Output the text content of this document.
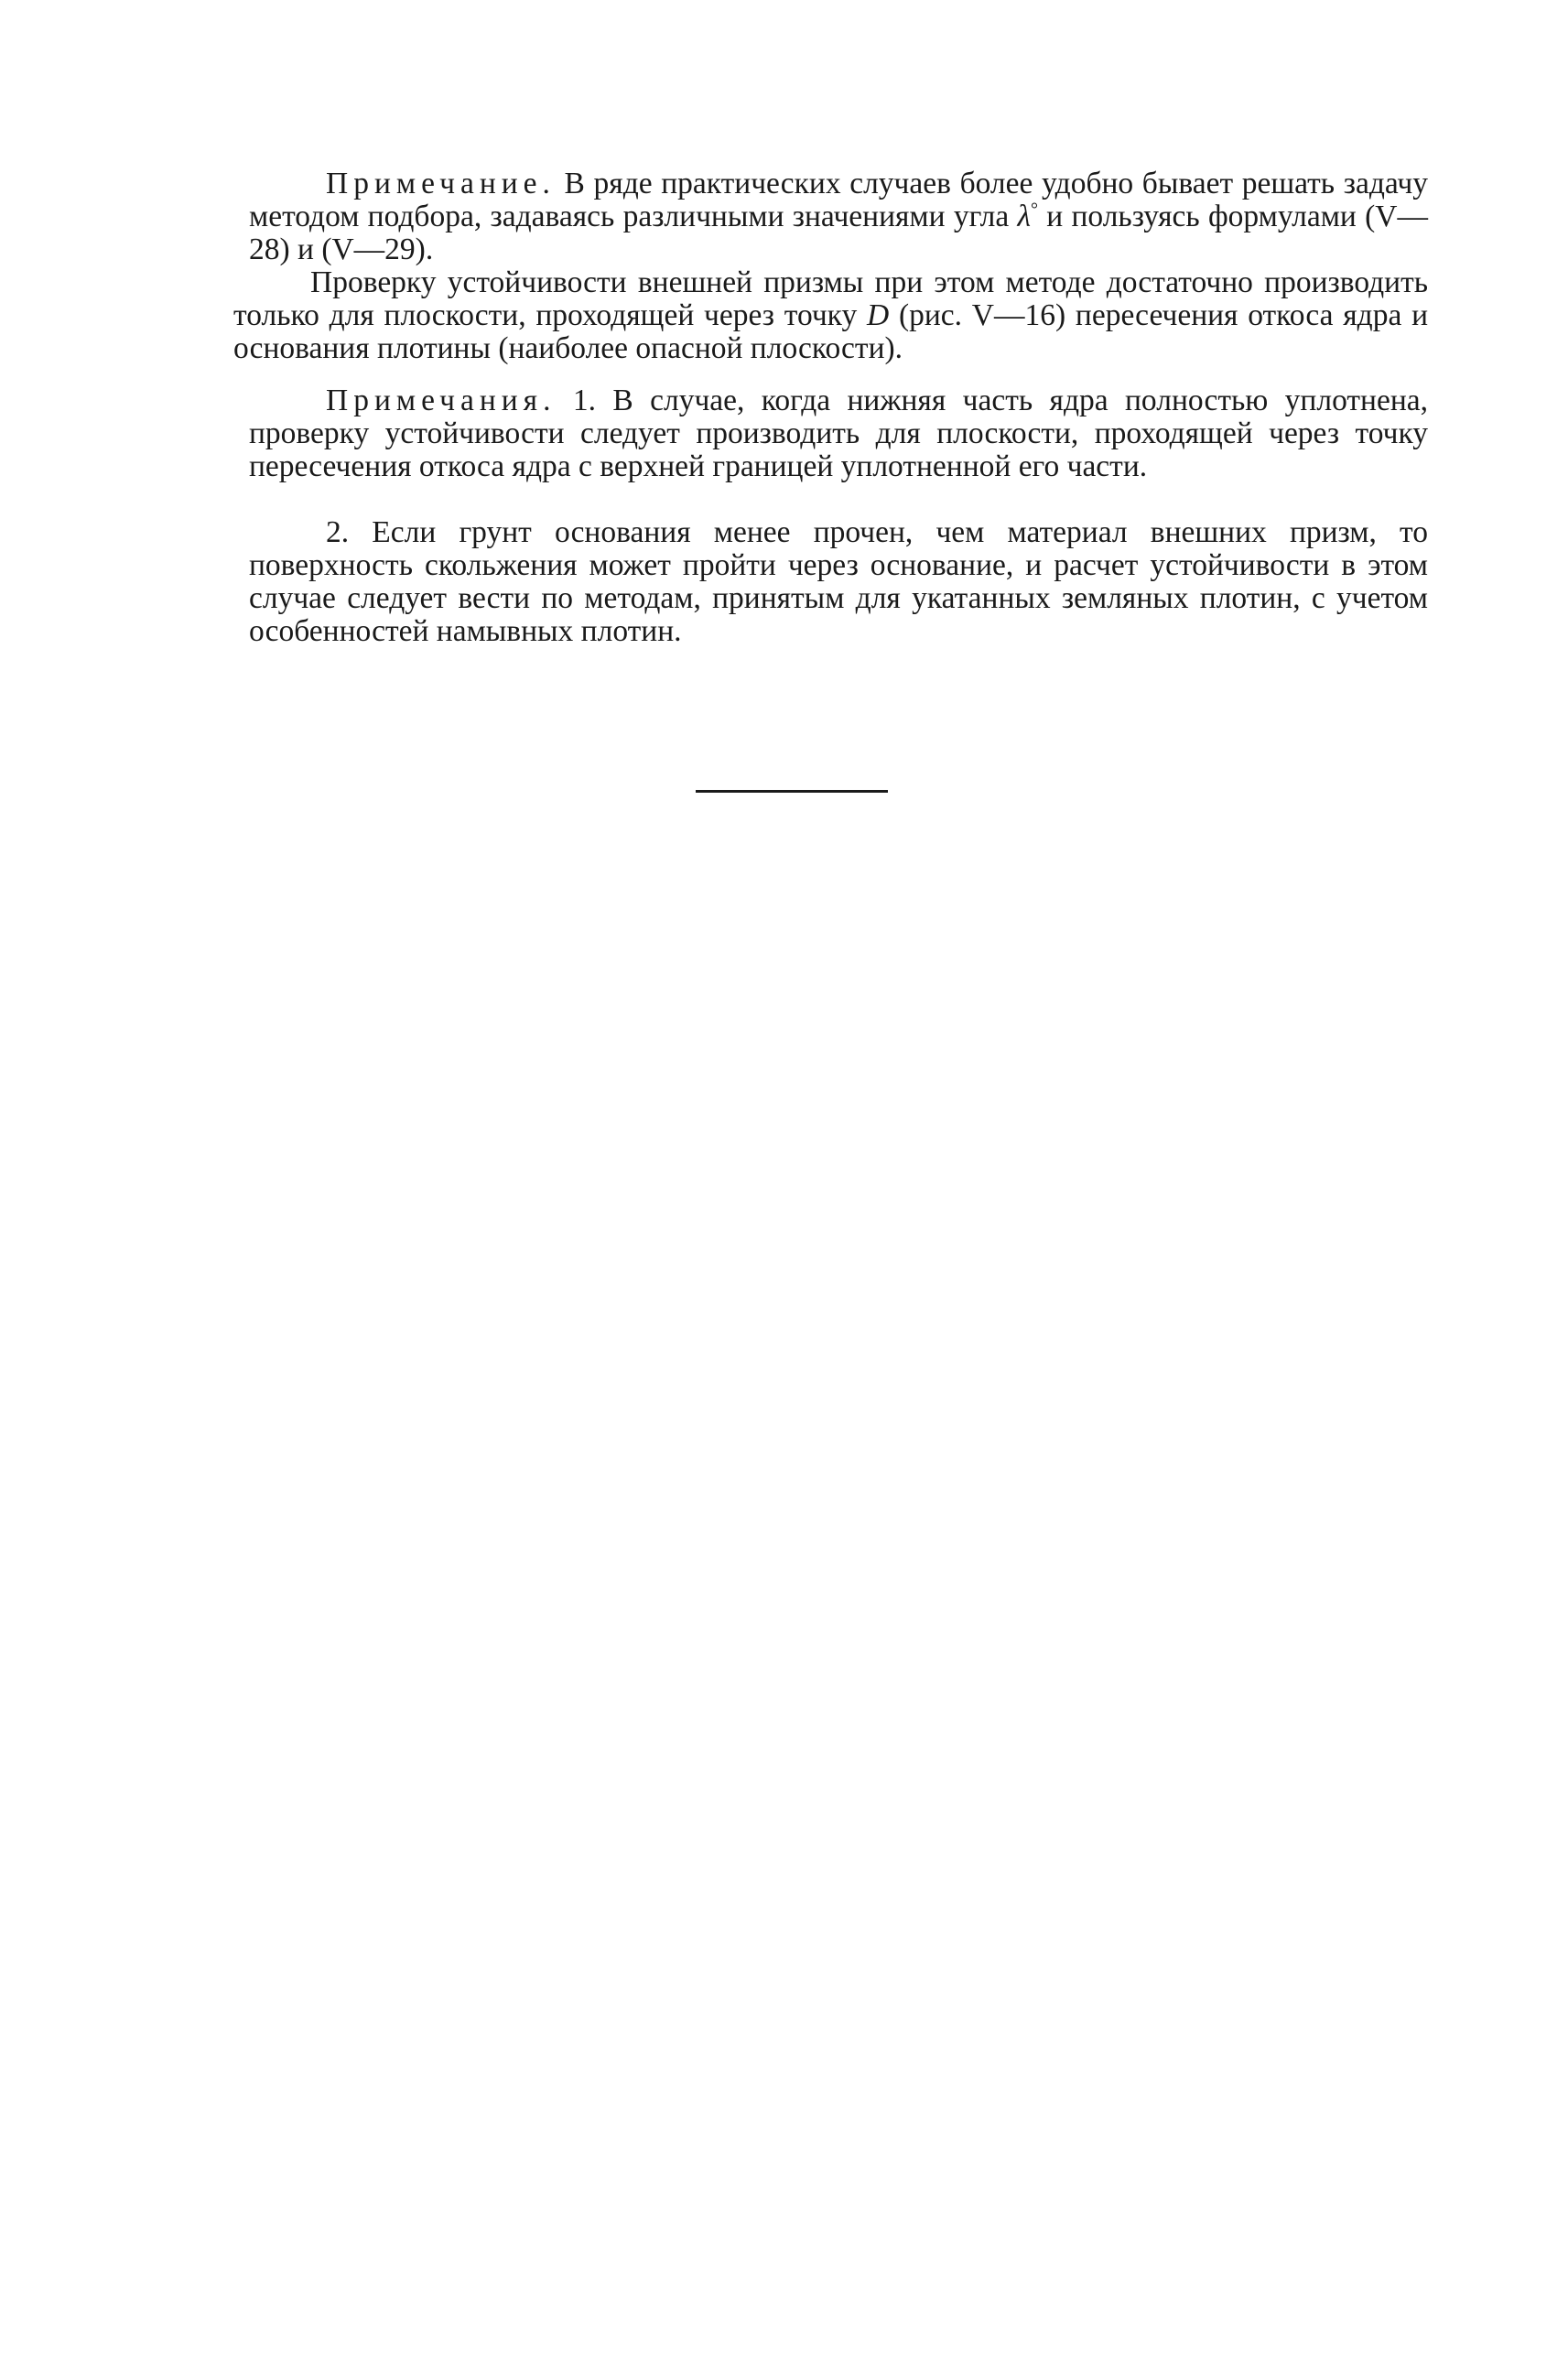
Примечание. В ряде практических случаев более удобно бывает решать задачу методом подбора, задаваясь различными значениями угла λ° и пользуясь формулами (V—28) и (V—29).

Проверку устойчивости внешней призмы при этом методе достаточно производить только для плоскости, проходящей через точку D (рис. V—16) пересечения откоса ядра и основания плотины (наиболее опасной плоскости).

Примечания. 1. В случае, когда нижняя часть ядра полностью уплотнена, проверку устойчивости следует производить для плоскости, проходящей через точку пересечения откоса ядра с верхней границей уплотненной его части.

2. Если грунт основания менее прочен, чем материал внешних призм, то поверхность скольжения может пройти через основание, и расчет устойчивости в этом случае следует вести по методам, принятым для укатанных земляных плотин, с учетом особенностей намывных плотин.
